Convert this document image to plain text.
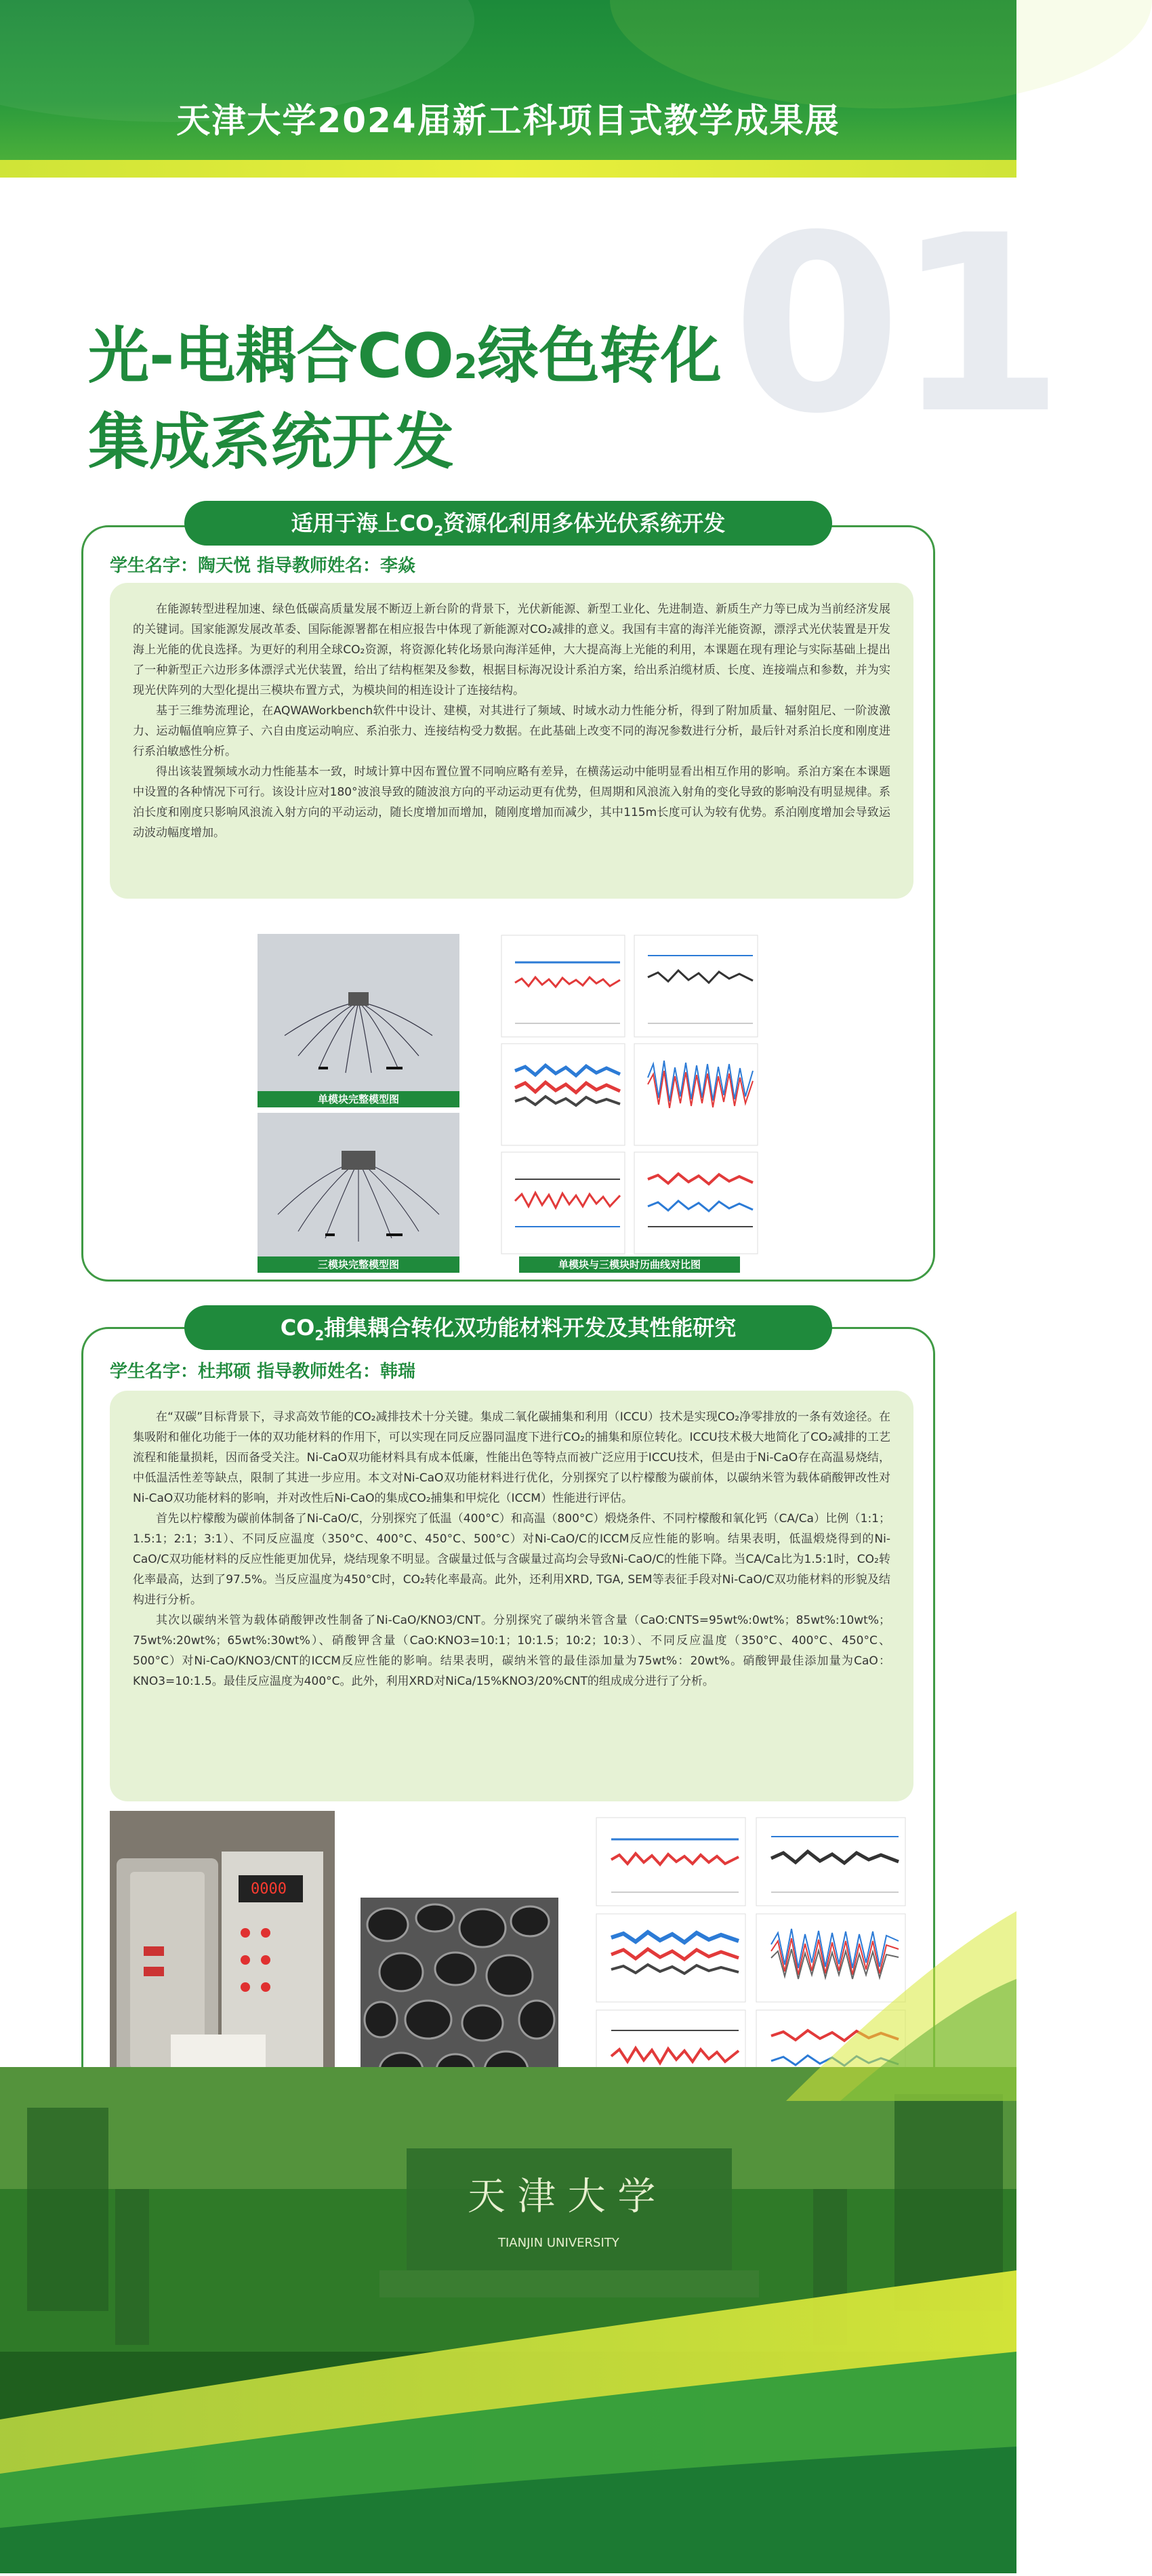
天津大学2024届新工科项目式教学成果展
01
光-电耦合$CO_2$绿色转化
集成系统开发
适用于海上$CO_2$资源化利用多体光伏系统开发
学生名字：陶天悦 指导教师姓名：李焱

在能源转型进程加速、绿色低碳高质量发展不断迈上新台阶的背景下，光伏新能源、新型工业化、先进制造、新质生产力等已成为当前经济发展的关键词。国家能源发展改革委、国际能源署都在相应报告中体现了新能源对CO₂减排的意义。我国有丰富的海洋光能资源，漂浮式光伏装置是开发海上光能的优良选择。为更好的利用全球CO₂资源，将资源化转化场景向海洋延伸，大大提高海上光能的利用，本课题在现有理论与实际基础上提出了一种新型正六边形多体漂浮式光伏装置，给出了结构框架及参数，根据目标海况设计系泊方案，给出系泊缆材质、长度、连接端点和参数，并为实现光伏阵列的大型化提出三模块布置方式，为模块间的相连设计了连接结构。

基于三维势流理论，在AQWAWorkbench软件中设计、建模，对其进行了频域、时域水动力性能分析，得到了附加质量、辐射阻尼、一阶波激力、运动幅值响应算子、六自由度运动响应、系泊张力、连接结构受力数据。在此基础上改变不同的海况参数进行分析，最后针对系泊长度和刚度进行系泊敏感性分析。

得出该装置频域水动力性能基本一致，时域计算中因布置位置不同响应略有差异，在横荡运动中能明显看出相互作用的影响。系泊方案在本课题中设置的各种情况下可行。该设计应对180°波浪导致的随波浪方向的平动运动更有优势，但周期和风浪流入射角的变化导致的影响没有明显规律。系泊长度和刚度只影响风浪流入射方向的平动运动，随长度增加而增加，随刚度增加而减少，其中115m长度可认为较有优势。系泊刚度增加会导致运动波动幅度增加。

单模块完整模型图
三模块完整模型图	单模块与三模块时历曲线对比图
$CO_2$捕集耦合转化双功能材料开发及其性能研究
学生名字：杜邦硕 指导教师姓名：韩瑞

在“双碳”目标背景下，寻求高效节能的CO₂减排技术十分关键。集成二氧化碳捕集和利用（ICCU）技术是实现CO₂净零排放的一条有效途径。在集吸附和催化功能于一体的双功能材料的作用下，可以实现在同反应器同温度下进行CO₂的捕集和原位转化。ICCU技术极大地简化了CO₂减排的工艺流程和能量损耗，因而备受关注。Ni-CaO双功能材料具有成本低廉，性能出色等特点而被广泛应用于ICCU技术，但是由于Ni-CaO存在高温易烧结，中低温活性差等缺点，限制了其进一步应用。本文对Ni-CaO双功能材料进行优化，分别探究了以柠檬酸为碳前体，以碳纳米管为载体硝酸钾改性对Ni-CaO双功能材料的影响，并对改性后Ni-CaO的集成CO₂捕集和甲烷化（ICCM）性能进行评估。

首先以柠檬酸为碳前体制备了Ni-CaO/C，分别探究了低温（400°C）和高温（800°C）煅烧条件、不同柠檬酸和氧化钙（CA/Ca）比例（1:1；1.5:1；2:1；3:1）、不同反应温度（350°C、400°C、450°C、500°C）对Ni-CaO/C的ICCM反应性能的影响。结果表明，低温煅烧得到的Ni-CaO/C双功能材料的反应性能更加优异，烧结现象不明显。含碳量过低与含碳量过高均会导致Ni-CaO/C的性能下降。当CA/Ca比为1.5:1时，CO₂转化率最高，达到了97.5%。当反应温度为450°C时，CO₂转化率最高。此外，还利用XRD, TGA, SEM等表征手段对Ni-CaO/C双功能材料的形貌及结构进行分析。

其次以碳纳米管为载体硝酸钾改性制备了Ni-CaO/KNO3/CNT。分别探究了碳纳米管含量（CaO:CNTS=95wt%:0wt%；85wt%:10wt%；75wt%:20wt%；65wt%:30wt%）、硝酸钾含量（CaO:KNO3=10:1；10:1.5；10:2；10:3）、不同反应温度（350°C、400°C、450°C、500°C）对Ni-CaO/KNO3/CNT的ICCM反应性能的影响。结果表明，碳纳米管的最佳添加量为75wt%：20wt%。硝酸钾最佳添加量为CaO：KNO3=10:1.5。最佳反应温度为400°C。此外，利用XRD对NiCa/15%KNO3/20%CNT的组成成分进行了分析。

0000
天 津 大 学
TIANJIN UNIVERSITY
